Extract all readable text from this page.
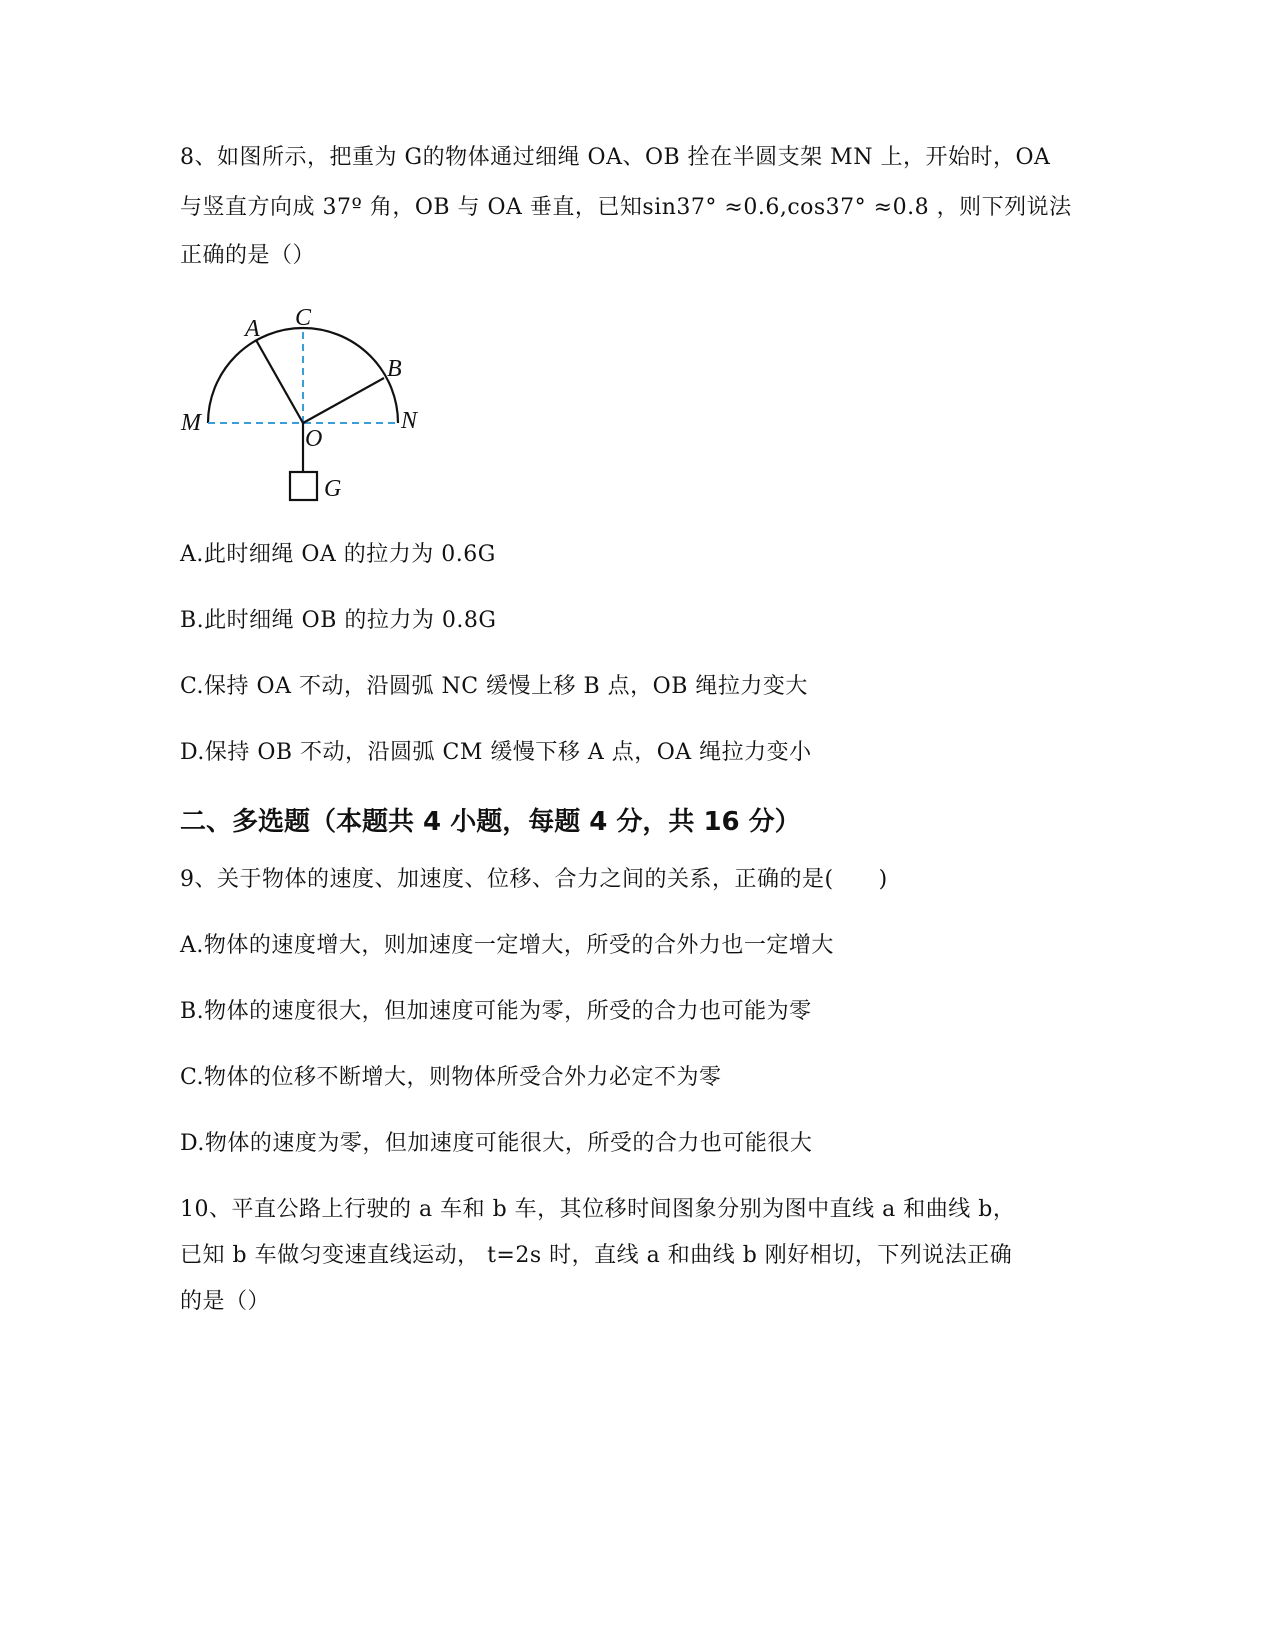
8、如图所示，把重为 G的物体通过细绳 OA、OB 拴在半圆支架 MN 上，开始时，OA
与竖直方向成 37º 角，OB 与 OA 垂直，已知sin37° ≈0.6,cos37° ≈0.8 ，则下列说法
正确的是（）
A C
B
M	N
O
G
A.此时细绳 OA 的拉力为 0.6G
B.此时细绳 OB 的拉力为 0.8G
C.保持 OA 不动，沿圆弧 NC 缓慢上移 B 点，OB 绳拉力变大
D.保持 OB 不动，沿圆弧 CM 缓慢下移 A 点，OA 绳拉力变小
二、多选题（本题共 4 小题，每题 4 分，共 16 分）
9、关于物体的速度、加速度、位移、合力之间的关系，正确的是(　　)
A.物体的速度增大，则加速度一定增大，所受的合外力也一定增大
B.物体的速度很大，但加速度可能为零，所受的合力也可能为零
C.物体的位移不断增大，则物体所受合外力必定不为零
D.物体的速度为零，但加速度可能很大，所受的合力也可能很大
10、平直公路上行驶的 a 车和 b 车，其位移时间图象分别为图中直线 a 和曲线 b，
已知 b 车做匀变速直线运动， t=2s 时，直线 a 和曲线 b 刚好相切，下列说法正确
的是（）
